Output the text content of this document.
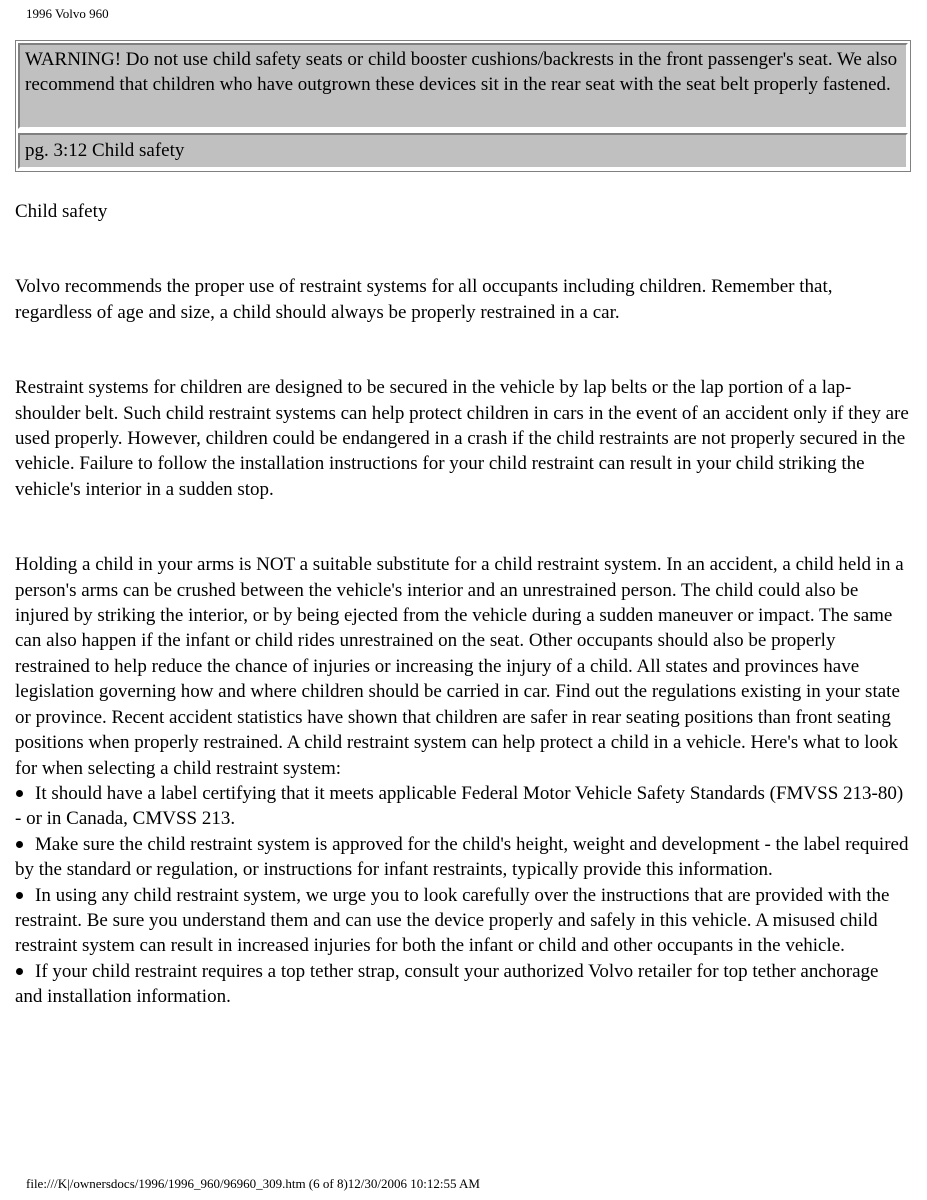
1996 Volvo 960
WARNING! Do not use child safety seats or child booster cushions/backrests in the front passenger's seat. We also recommend that children who have outgrown these devices sit in the rear seat with the seat belt properly fastened.
pg. 3:12 Child safety

Child safety

Volvo recommends the proper use of restraint systems for all occupants including children. Remember that, regardless of age and size, a child should always be properly restrained in a car.

Restraint systems for children are designed to be secured in the vehicle by lap belts or the lap portion of a lap-shoulder belt. Such child restraint systems can help protect children in cars in the event of an accident only if they are used properly. However, children could be endangered in a crash if the child restraints are not properly secured in the vehicle. Failure to follow the installation instructions for your child restraint can result in your child striking the vehicle's interior in a sudden stop.

Holding a child in your arms is NOT a suitable substitute for a child restraint system. In an accident, a child held in a person's arms can be crushed between the vehicle's interior and an unrestrained person. The child could also be injured by striking the interior, or by being ejected from the vehicle during a sudden maneuver or impact. The same can also happen if the infant or child rides unrestrained on the seat. Other occupants should also be properly restrained to help reduce the chance of injuries or increasing the injury of a child. All states and provinces have legislation governing how and where children should be carried in car. Find out the regulations existing in your state or province. Recent accident statistics have shown that children are safer in rear seating positions than front seating positions when properly restrained. A child restraint system can help protect a child in a vehicle. Here's what to look for when selecting a child restraint system:

It should have a label certifying that it meets applicable Federal Motor Vehicle Safety Standards (FMVSS 213-80) - or in Canada, CMVSS 213.
Make sure the child restraint system is approved for the child's height, weight and development - the label required by the standard or regulation, or instructions for infant restraints, typically provide this information.
In using any child restraint system, we urge you to look carefully over the instructions that are provided with the restraint. Be sure you understand them and can use the device properly and safely in this vehicle. A misused child restraint system can result in increased injuries for both the infant or child and other occupants in the vehicle.
If your child restraint requires a top tether strap, consult your authorized Volvo retailer for top tether anchorage and installation information.
file:///K|/ownersdocs/1996/1996_960/96960_309.htm (6 of 8)12/30/2006 10:12:55 AM
